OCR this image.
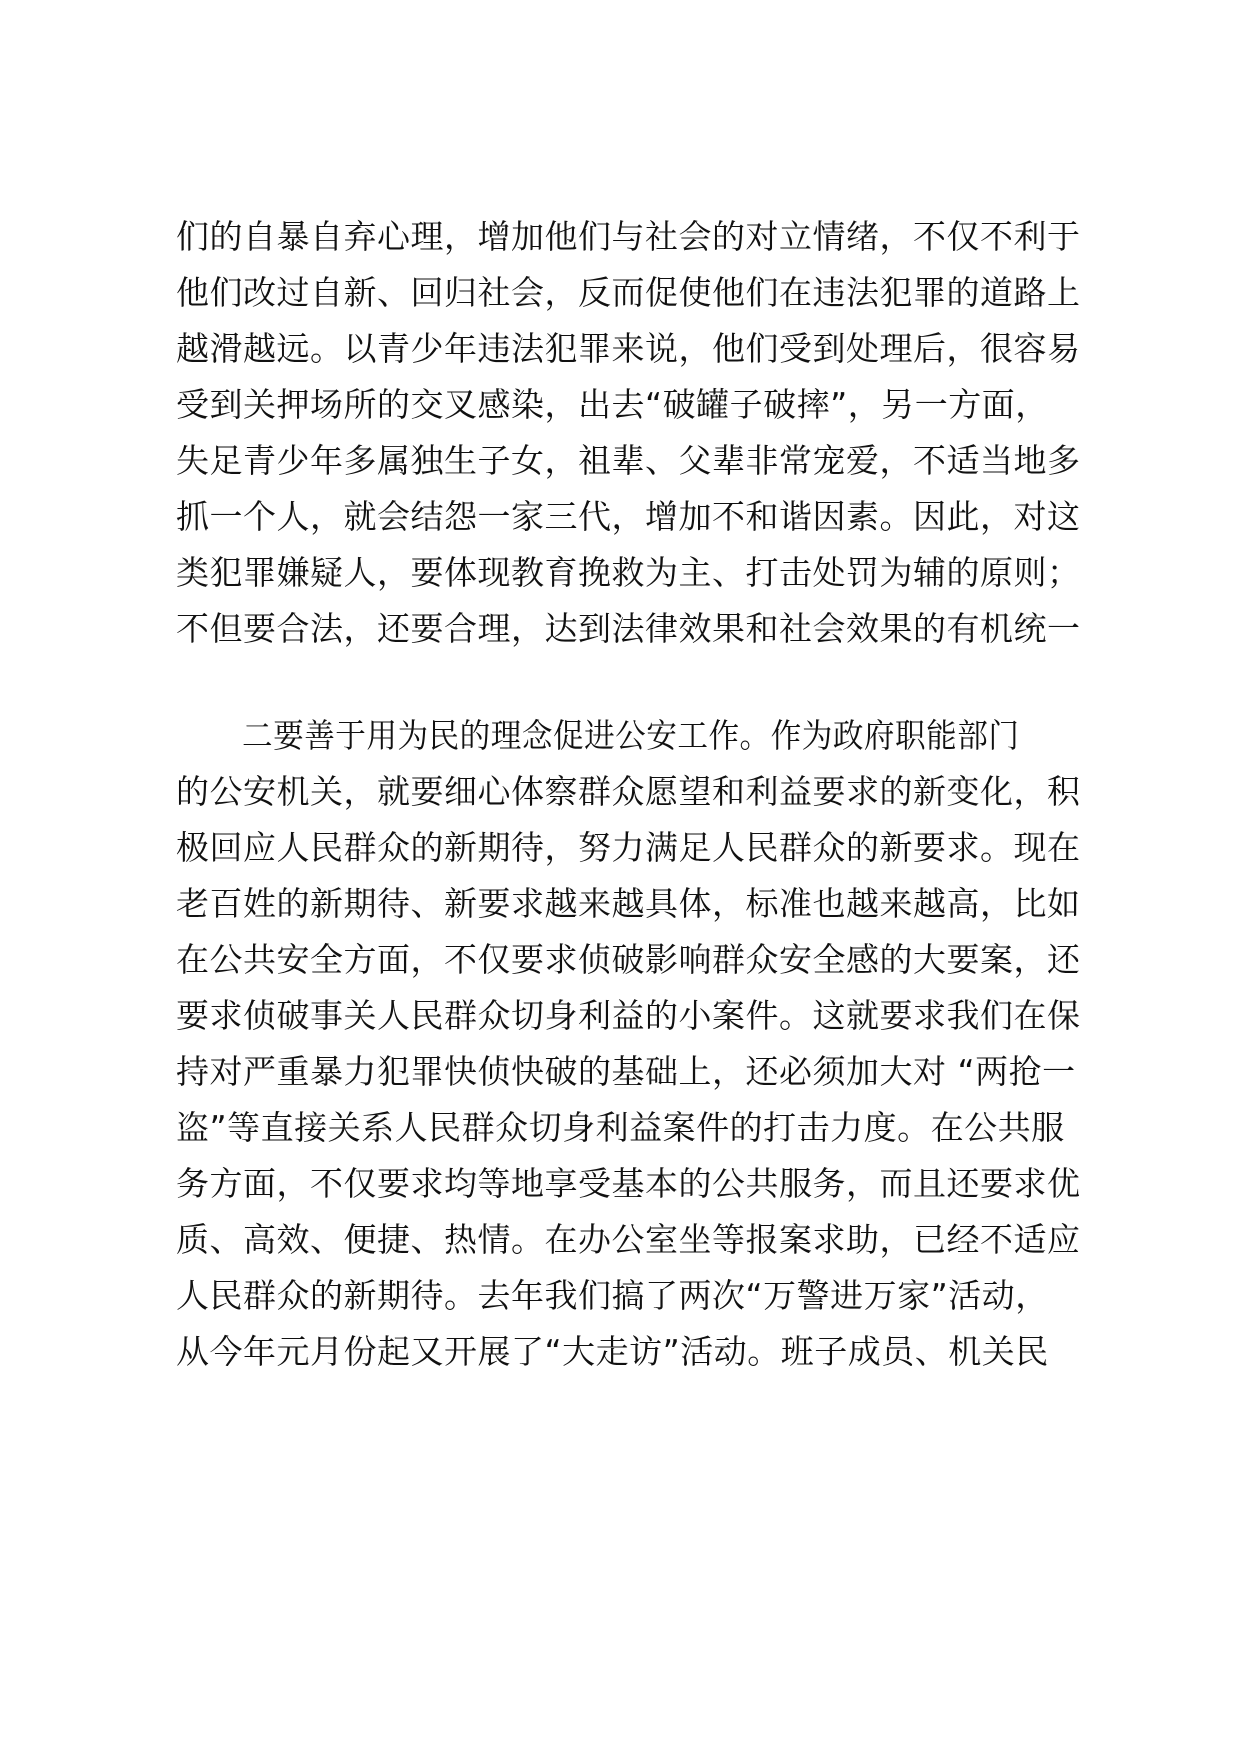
们的自暴自弃心理，增加他们与社会的对立情绪，不仅不利于
他们改过自新、回归社会，反而促使他们在违法犯罪的道路上
越滑越远。以青少年违法犯罪来说，他们受到处理后，很容易
受到关押场所的交叉感染，出去“破罐子破摔”，另一方面，
失足青少年多属独生子女，祖辈、父辈非常宠爱，不适当地多
抓一个人，就会结怨一家三代，增加不和谐因素。因此，对这
类犯罪嫌疑人，要体现教育挽救为主、打击处罚为辅的原则；
不但要合法，还要合理，达到法律效果和社会效果的有机统一
二要善于用为民的理念促进公安工作。作为政府职能部门
的公安机关，就要细心体察群众愿望和利益要求的新变化，积
极回应人民群众的新期待，努力满足人民群众的新要求。现在
老百姓的新期待、新要求越来越具体，标准也越来越高，比如
在公共安全方面，不仅要求侦破影响群众安全感的大要案，还
要求侦破事关人民群众切身利益的小案件。这就要求我们在保
持对严重暴力犯罪快侦快破的基础上，还必须加大对 “两抢一
盗”等直接关系人民群众切身利益案件的打击力度。在公共服
务方面，不仅要求均等地享受基本的公共服务，而且还要求优
质、高效、便捷、热情。在办公室坐等报案求助，已经不适应
人民群众的新期待。去年我们搞了两次“万警进万家”活动，
从今年元月份起又开展了“大走访”活动。班子成员、机关民
